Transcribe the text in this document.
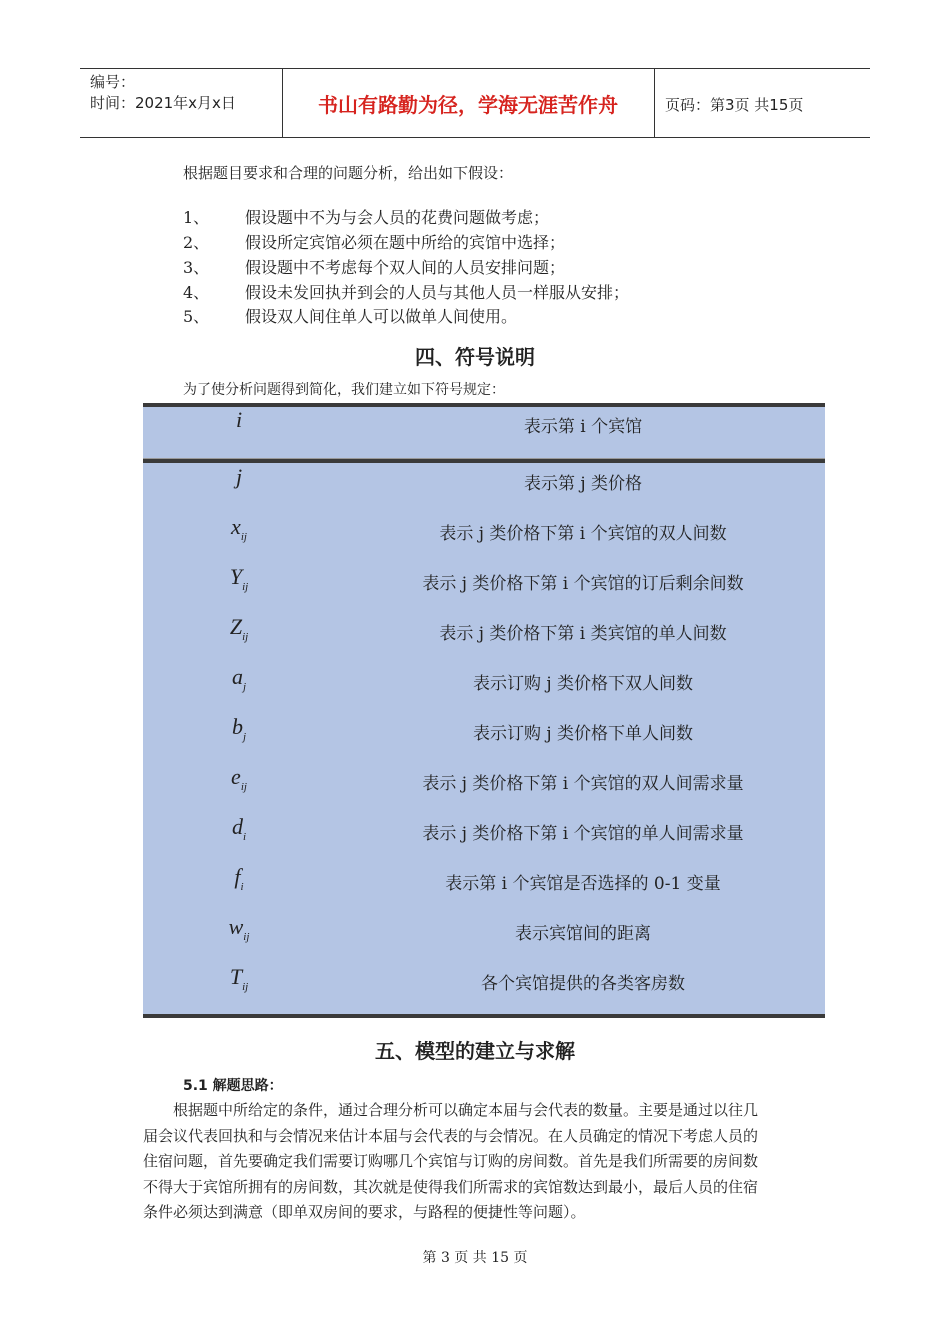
编号：
时间：2021年x月x日	书山有路勤为径，学海无涯苦作舟	页码：第3页 共15页
根据题目要求和合理的问题分析，给出如下假设：
1、 假设题中不为与会人员的花费问题做考虑；
2、 假设所定宾馆必须在题中所给的宾馆中选择；
3、 假设题中不考虑每个双人间的人员安排问题；
4、 假设未发回执并到会的人员与其他人员一样服从安排；
5、 假设双人间住单人可以做单人间使用。
四、符号说明
为了使分析问题得到简化，我们建立如下符号规定：
i	表示第 i 个宾馆
j	表示第 j 类价格
$x_{ij}$	表示 j 类价格下第 i 个宾馆的双人间数
$Y_{ij}$	表示 j 类价格下第 i 个宾馆的订后剩余间数
$Z_{ij}$	表示 j 类价格下第 i 类宾馆的单人间数
$a_j$	表示订购 j 类价格下双人间数
$b_j$	表示订购 j 类价格下单人间数
$e_{ij}$	表示 j 类价格下第 i 个宾馆的双人间需求量
$d_i$	表示 j 类价格下第 i 个宾馆的单人间需求量
$f_i$	表示第 i 个宾馆是否选择的 0-1 变量
$w_{ij}$	表示宾馆间的距离
$T_{ij}$	各个宾馆提供的各类客房数
五、模型的建立与求解
5.1 解题思路：
根据题中所给定的条件，通过合理分析可以确定本届与会代表的数量。主要是通过以往几
届会议代表回执和与会情况来估计本届与会代表的与会情况。在人员确定的情况下考虑人员的
住宿问题，首先要确定我们需要订购哪几个宾馆与订购的房间数。首先是我们所需要的房间数
不得大于宾馆所拥有的房间数，其次就是使得我们所需求的宾馆数达到最小，最后人员的住宿
条件必须达到满意（即单双房间的要求，与路程的便捷性等问题）。
第 3 页 共 15 页
